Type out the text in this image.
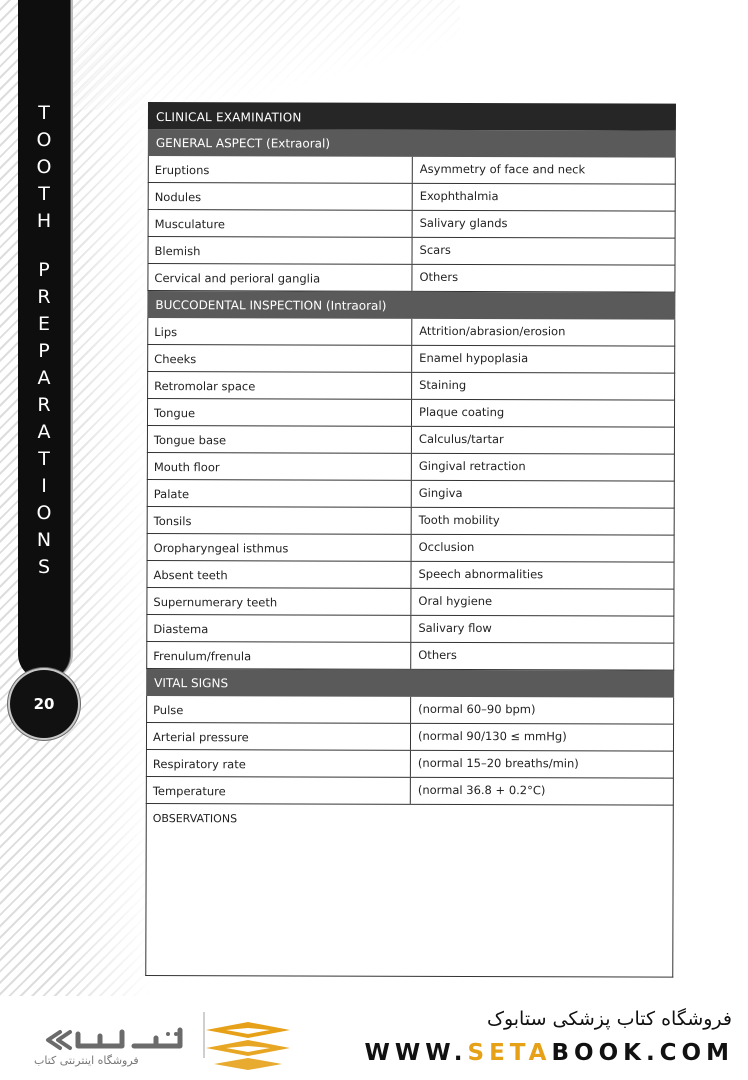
T
O
O
T
H
P
R
E
P
A
R
A
T
I
O
N
S
20
CLINICAL EXAMINATION
GENERAL ASPECT (Extraoral)
Eruptions	Asymmetry of face and neck
Nodules	Exophthalmia
Musculature	Salivary glands
Blemish	Scars
Cervical and perioral ganglia	Others
BUCCODENTAL INSPECTION (Intraoral)
Lips	Attrition/abrasion/erosion
Cheeks	Enamel hypoplasia
Retromolar space	Staining
Tongue	Plaque coating
Tongue base	Calculus/tartar
Mouth floor	Gingival retraction
Palate	Gingiva
Tonsils	Tooth mobility
Oropharyngeal isthmus	Occlusion
Absent teeth	Speech abnormalities
Supernumerary teeth	Oral hygiene
Diastema	Salivary flow
Frenulum/frenula	Others
VITAL SIGNS
Pulse	(normal 60–90 bpm)
Arterial pressure	(normal 90/130 ≤ mmHg)
Respiratory rate	(normal 15–20 breaths/min)
Temperature	(normal 36.8 + 0.2°C)
OBSERVATIONS
فروشگاه اینترنتی کتاب
فروشگاه کتاب پزشکی ستابوک
WWW.SETABOOK.COM
